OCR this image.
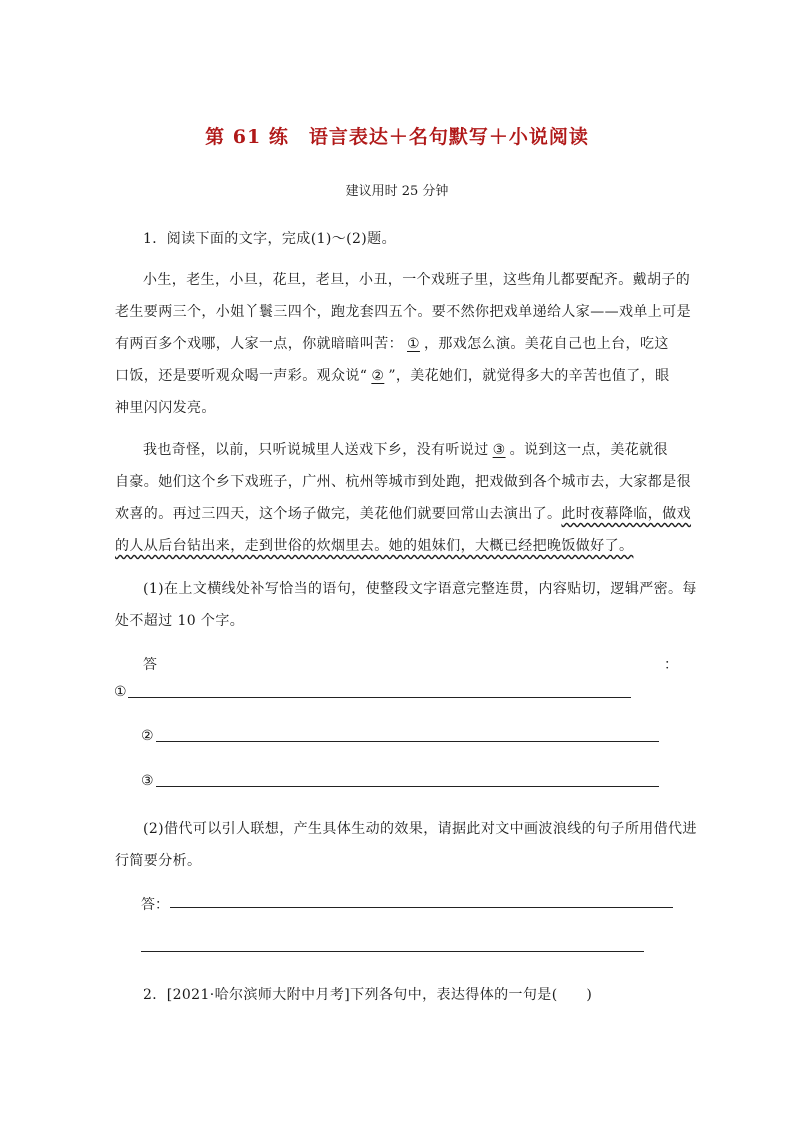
第 61 练　语言表达＋名句默写＋小说阅读
建议用时 25 分钟
1．阅读下面的文字，完成(1)～(2)题。
小生，老生，小旦，花旦，老旦，小丑，一个戏班子里，这些角儿都要配齐。戴胡子的
老生要两三个，小姐丫鬟三四个，跑龙套四五个。要不然你把戏单递给人家——戏单上可是
有两百多个戏哪，人家一点，你就暗暗叫苦： ① ，那戏怎么演。美花自己也上台，吃这
口饭，还是要听观众喝一声彩。观众说“ ② ”，美花她们，就觉得多大的辛苦也值了，眼
神里闪闪发亮。
我也奇怪，以前，只听说城里人送戏下乡，没有听说过 ③ 。说到这一点，美花就很
自豪。她们这个乡下戏班子，广州、杭州等城市到处跑，把戏做到各个城市去，大家都是很
欢喜的。再过三四天，这个场子做完，美花他们就要回常山去演出了。此时夜幕降临，做戏
的人从后台钻出来，走到世俗的炊烟里去。她的姐妹们，大概已经把晚饭做好了。
(1)在上文横线处补写恰当的语句，使整段文字语意完整连贯，内容贴切，逻辑严密。每
处不超过 10 个字。
答	：
①
②
③
(2)借代可以引人联想，产生具体生动的效果，请据此对文中画波浪线的句子所用借代进
行简要分析。
答：
2．[2021·哈尔滨师大附中月考]下列各句中，表达得体的一句是(　　)
